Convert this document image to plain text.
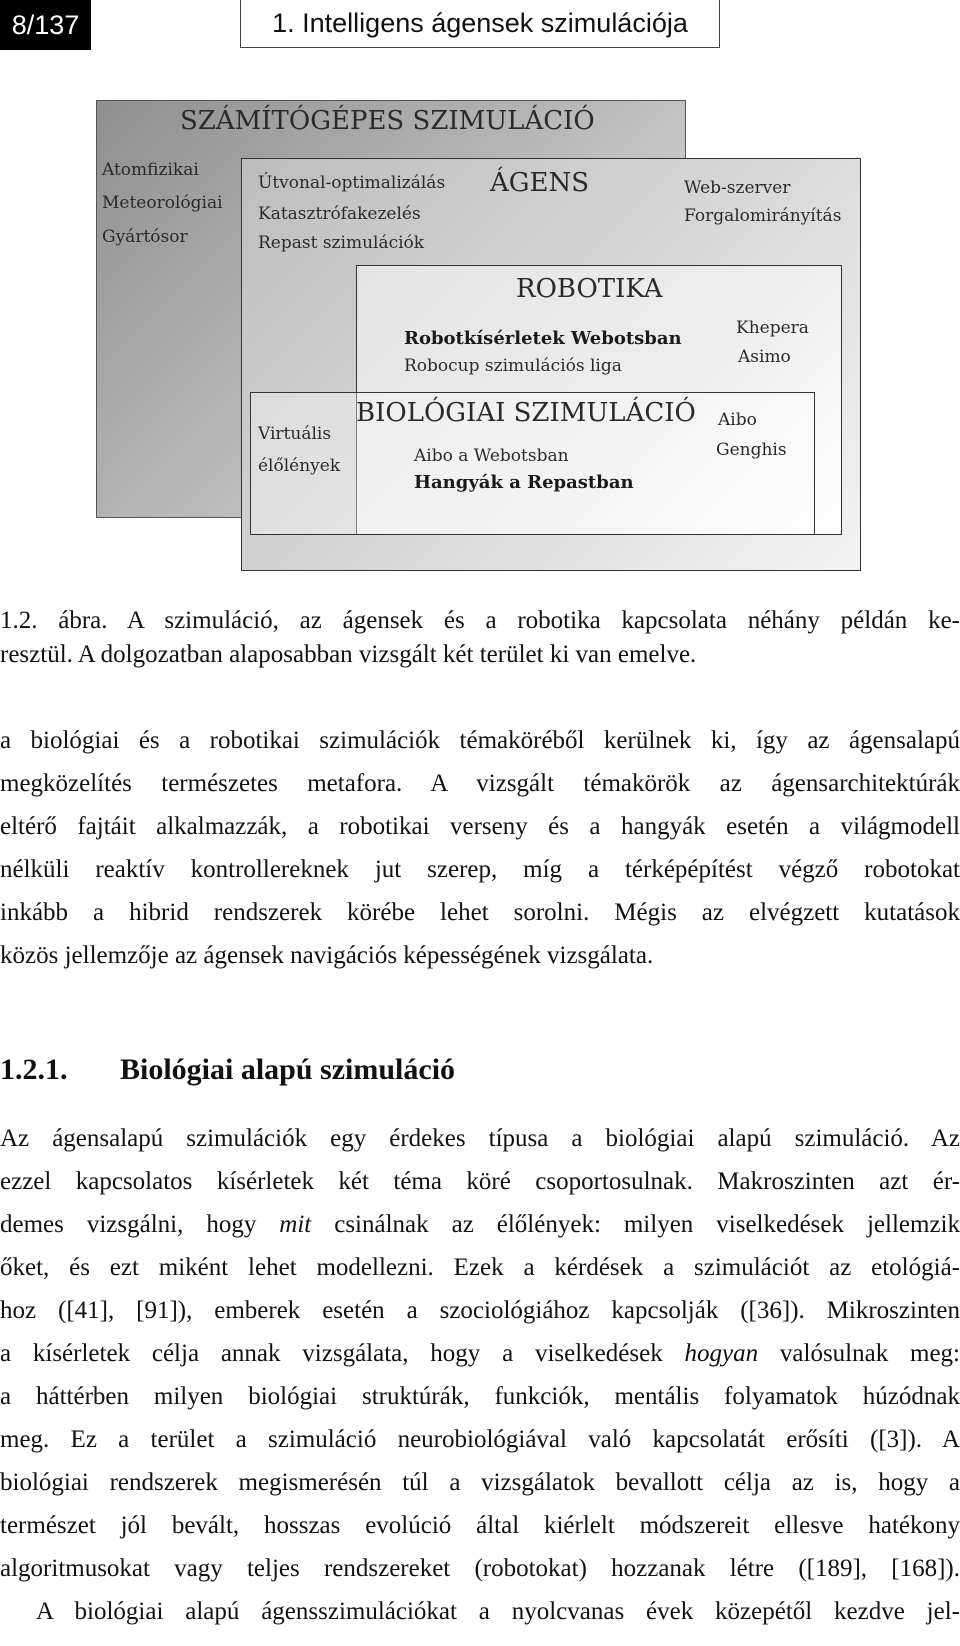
8/137	1. Intelligens ágensek szimulációja
SZÁMÍTÓGÉPES SZIMULÁCIÓ
Atomfizikai
Meteorológiai
Gyártósor
Útvonal-optimalizálás
Katasztrófakezelés
Repast szimulációk
ÁGENS	Web-szerver
Forgalomirányítás
ROBOTIKA
Robotkísérletek Webotsban
Robocup szimulációs liga
Khepera
Asimo
BIOLÓGIAI SZIMULÁCIÓ
Virtuális
élőlények	Aibo a Webotsban
Hangyák a Repastban
Aibo
Genghis
1.2. ábra. A szimuláció, az ágensek és a robotika kapcsolata néhány példán ke-
resztül. A dolgozatban alaposabban vizsgált két terület ki van emelve.
a biológiai és a robotikai szimulációk témaköréből kerülnek ki, így az ágensalapú
megközelítés természetes metafora. A vizsgált témakörök az ágensarchitektúrák
eltérő fajtáit alkalmazzák, a robotikai verseny és a hangyák esetén a világmodell
nélküli reaktív kontrollereknek jut szerep, míg a térképépítést végző robotokat
inkább a hibrid rendszerek körébe lehet sorolni. Mégis az elvégzett kutatások
közös jellemzője az ágensek navigációs képességének vizsgálata.
1.2.1. Biológiai alapú szimuláció
Az ágensalapú szimulációk egy érdekes típusa a biológiai alapú szimuláció. Az
ezzel kapcsolatos kísérletek két téma köré csoportosulnak. Makroszinten azt ér-
demes vizsgálni, hogy mit csinálnak az élőlények: milyen viselkedések jellemzik
őket, és ezt miként lehet modellezni. Ezek a kérdések a szimulációt az etológiá-
hoz ([41], [91]), emberek esetén a szociológiához kapcsolják ([36]). Mikroszinten
a kísérletek célja annak vizsgálata, hogy a viselkedések hogyan valósulnak meg:
a háttérben milyen biológiai struktúrák, funkciók, mentális folyamatok húzódnak
meg. Ez a terület a szimuláció neurobiológiával való kapcsolatát erősíti ([3]). A
biológiai rendszerek megismerésén túl a vizsgálatok bevallott célja az is, hogy a
természet jól bevált, hosszas evolúció által kiérlelt módszereit ellesve hatékony
algoritmusokat vagy teljes rendszereket (robotokat) hozzanak létre ([189], [168]).
A biológiai alapú ágensszimulációkat a nyolcvanas évek közepétől kezdve jel-
